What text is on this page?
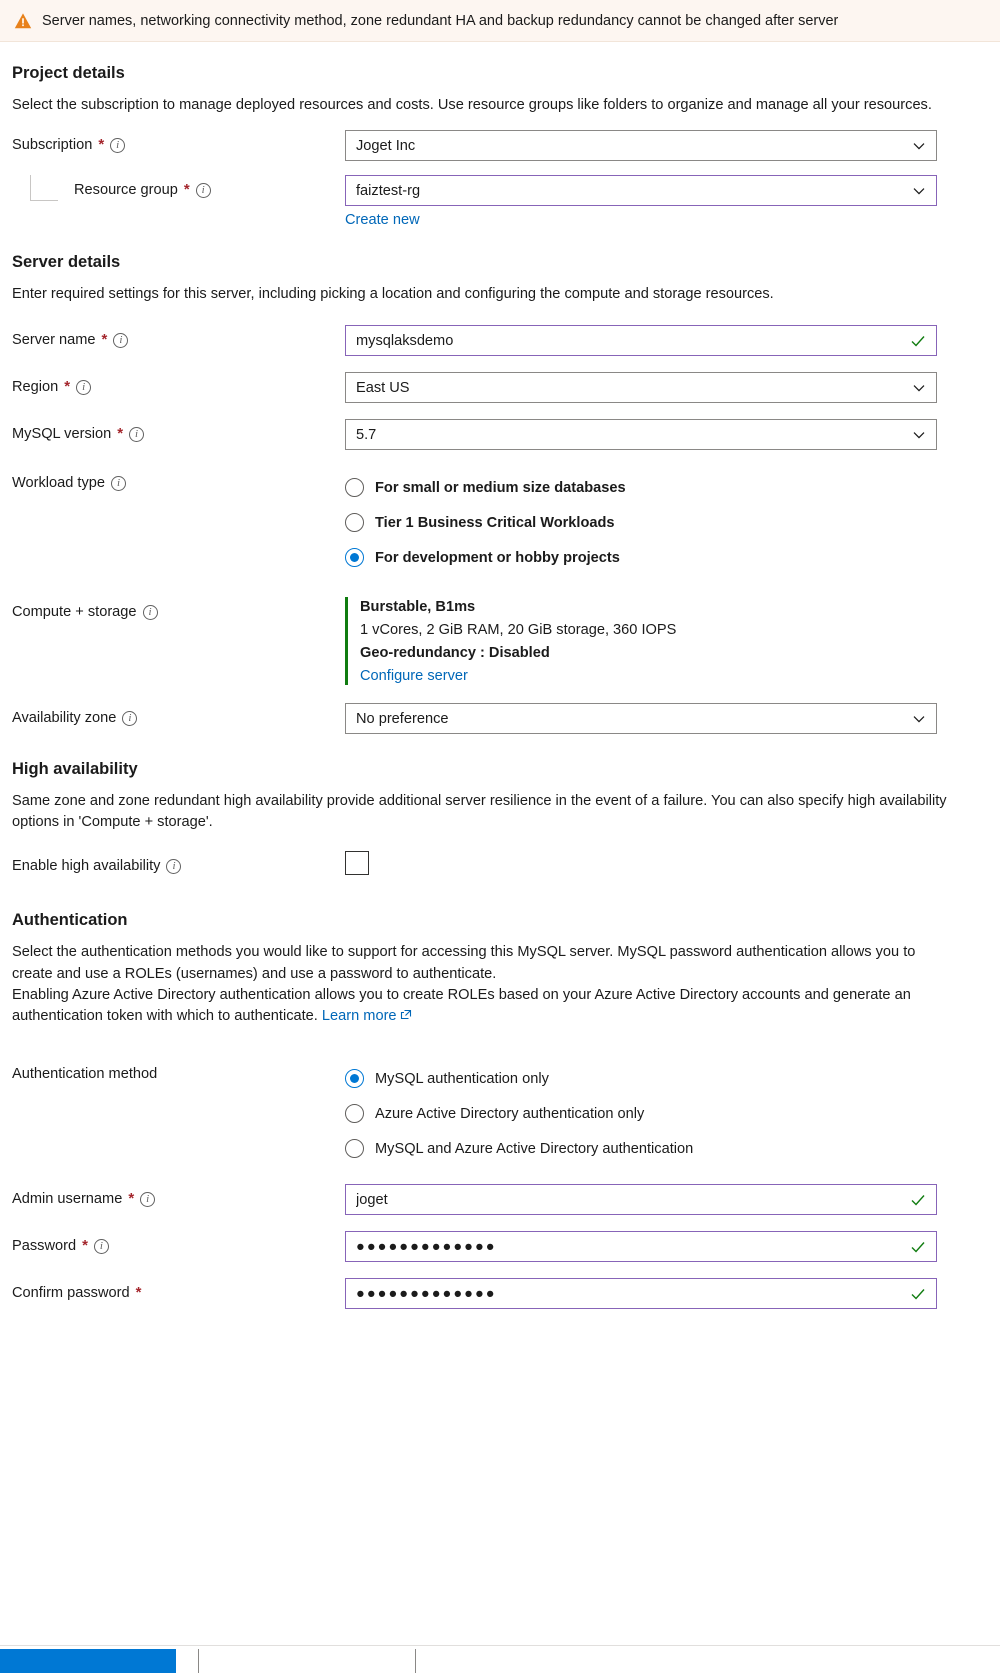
Server names, networking connectivity method, zone redundant HA and backup redundancy cannot be changed after server
Project details

Select the subscription to manage deployed resources and costs. Use resource groups like folders to organize and manage all your resources.

Subscription *	i	Joget Inc
Resource group *	i	faiztest-rg
Create new
Server details

Enter required settings for this server, including picking a location and configuring the compute and storage resources.

Server name *	i	mysqlaksdemo
Region *	i	East US
MySQL version *	i	5.7
Workload type	i	For small or medium size databases
Tier 1 Business Critical Workloads
For development or hobby projects
Compute + storage	i	Burstable, B1ms
1 vCores, 2 GiB RAM, 20 GiB storage, 360 IOPS
Geo-redundancy : Disabled
Configure server
Availability zone	i	No preference
High availability

Same zone and zone redundant high availability provide additional server resilience in the event of a failure. You can also specify high availability options in 'Compute + storage'.

Enable high availability	i
Authentication

Select the authentication methods you would like to support for accessing this MySQL server. MySQL password authentication allows you to create and use a ROLEs (usernames) and use a password to authenticate.

Enabling Azure Active Directory authentication allows you to create ROLEs based on your Azure Active Directory accounts and generate an authentication token with which to authenticate. Learn more

Authentication method	MySQL authentication only
Azure Active Directory authentication only
MySQL and Azure Active Directory authentication
Admin username *	i	joget
Password *	i	●●●●●●●●●●●●●
Confirm password *	●●●●●●●●●●●●●
